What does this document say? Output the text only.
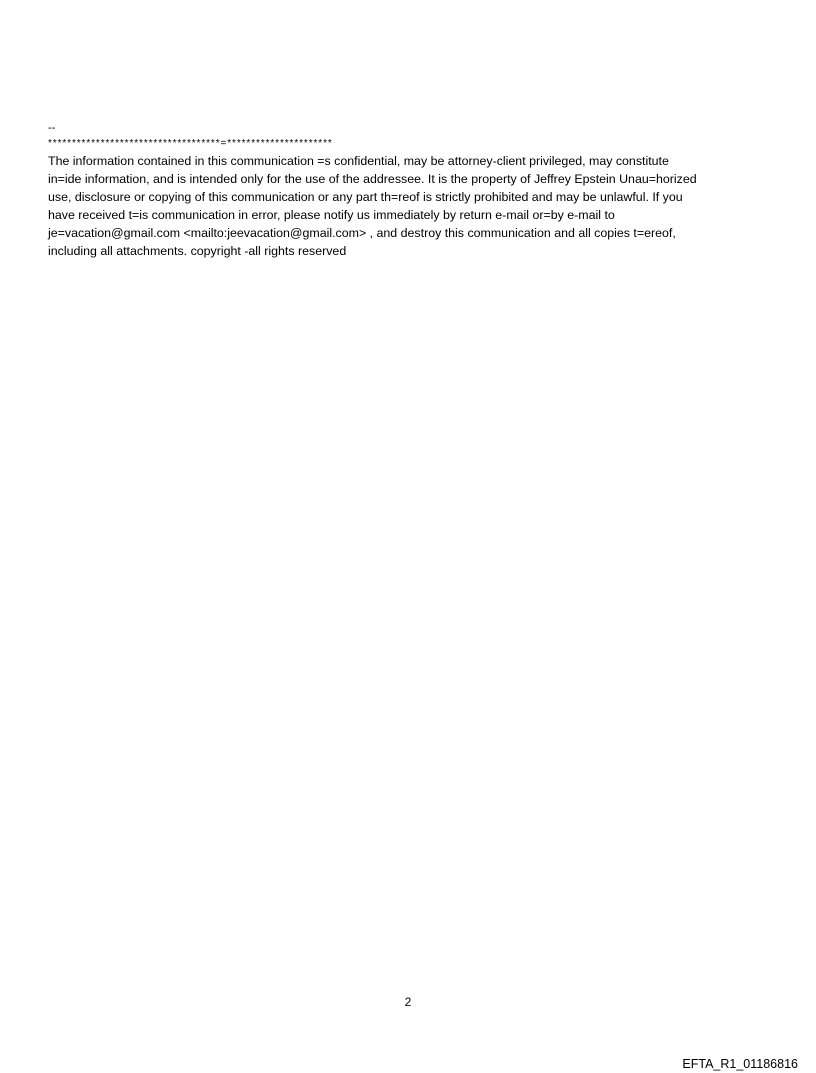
--
************************************=**********************
The information contained in this communication =s confidential, may be attorney-client privileged, may constitute
in=ide information, and is intended only for the use of the addressee. It is the property of Jeffrey Epstein Unau=horized
use, disclosure or copying of this communication or any part th=reof is strictly prohibited and may be unlawful. If you
have received t=is communication in error, please notify us immediately by return e-mail or=by e-mail to
je=vacation@gmail.com <mailto:jeevacation@gmail.com> , and destroy this communication and all copies t=ereof,
including all attachments. copyright -all rights reserved
2
EFTA_R1_01186816
